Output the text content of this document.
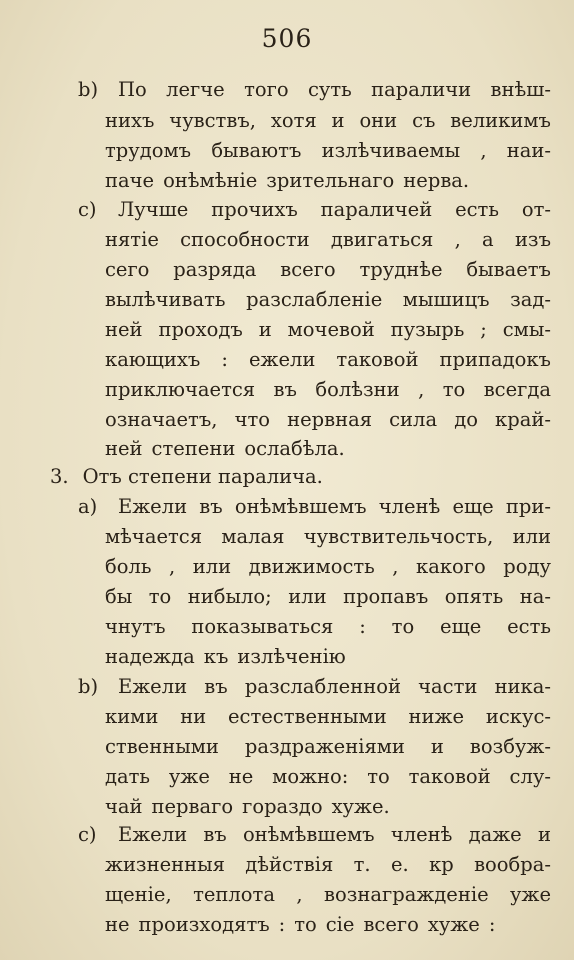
506
b) По легче того суть параличи внѣш-
нихъ чувствъ, хотя и они съ великимъ
трудомъ бываютъ излѣчиваемы , наи-
паче онѣмѣніе зрительнаго нерва.
c) Лучше прочихъ параличей есть от-
нятіе способности двигаться , а изъ
сего разряда всего труднѣе бываетъ
вылѣчивать разслабленіе мышицъ зад-
ней проходъ и мочевой пузырь ; смы-
кающихъ : ежели таковой припадокъ
приключается въ болѣзни , то всегда
означаетъ, что нервная сила до край-
ней степени ослабѣла.
3. Отъ степени паралича.
a) Ежели въ онѣмѣвшемъ членѣ еще при-
мѣчается малая чувствительчость, или
боль , или движимость , какого роду
бы то нибыло; или пропавъ опять на-
чнутъ показываться : то еще есть
надежда къ излѣченію
b) Ежели въ разслабленной части ника-
кими ни естественными ниже искус-
ственными раздраженіями и возбуж-
дать уже не можно: то таковой слу-
чай перваго гораздо хуже.
c) Ежели въ онѣмѣвшемъ членѣ даже и
жизненныя дѣйствія т. е. кр вообра-
щеніе, теплота , вознагражденіе уже
не произходятъ : то сіе всего хуже :
